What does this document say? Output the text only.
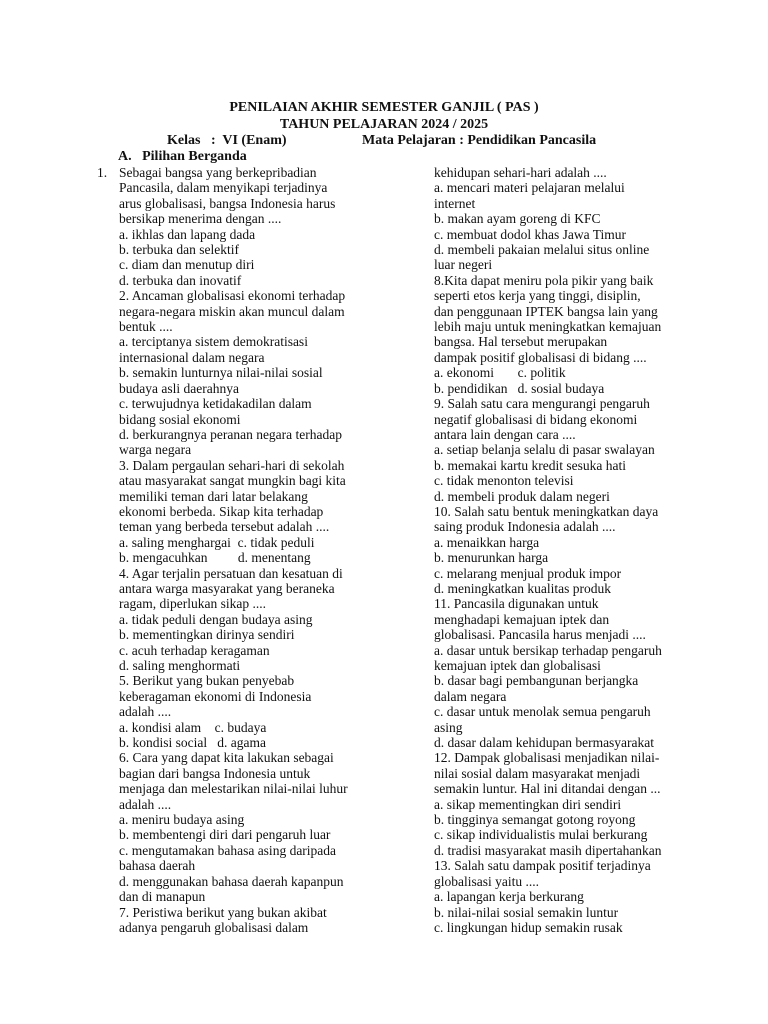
PENILAIAN AKHIR SEMESTER GANJIL ( PAS )
TAHUN PELAJARAN 2024 / 2025
Kelas   :  VI (Enam)	Mata Pelajaran : Pendidikan Pancasila
A.   Pilihan Berganda
1. Sebagai bangsa yang berkepribadian

Pancasila, dalam menyikapi terjadinya

arus globalisasi, bangsa Indonesia harus

bersikap menerima dengan ....

a. ikhlas dan lapang dada

b. terbuka dan selektif

c. diam dan menutup diri

d. terbuka dan inovatif

2. Ancaman globalisasi ekonomi terhadap

negara-negara miskin akan muncul dalam

bentuk ....

a. terciptanya sistem demokratisasi

internasional dalam negara

b. semakin lunturnya nilai-nilai sosial

budaya asli daerahnya

c. terwujudnya ketidakadilan dalam

bidang sosial ekonomi

d. berkurangnya peranan negara terhadap

warga negara

3. Dalam pergaulan sehari-hari di sekolah

atau masyarakat sangat mungkin bagi kita

memiliki teman dari latar belakang

ekonomi berbeda. Sikap kita terhadap

teman yang berbeda tersebut adalah ....

a. saling menghargai  c. tidak peduli

b. mengacuhkan         d. menentang

4. Agar terjalin persatuan dan kesatuan di

antara warga masyarakat yang beraneka

ragam, diperlukan sikap ....

a. tidak peduli dengan budaya asing

b. mementingkan dirinya sendiri

c. acuh terhadap keragaman

d. saling menghormati

5. Berikut yang bukan penyebab

keberagaman ekonomi di Indonesia

adalah ....

a. kondisi alam    c. budaya

b. kondisi social   d. agama

6. Cara yang dapat kita lakukan sebagai

bagian dari bangsa Indonesia untuk

menjaga dan melestarikan nilai-nilai luhur

adalah ....

a. meniru budaya asing

b. membentengi diri dari pengaruh luar

c. mengutamakan bahasa asing daripada

bahasa daerah

d. menggunakan bahasa daerah kapanpun

dan di manapun

7. Peristiwa berikut yang bukan akibat

adanya pengaruh globalisasi dalam

kehidupan sehari-hari adalah ....

a. mencari materi pelajaran melalui

internet

b. makan ayam goreng di KFC

c. membuat dodol khas Jawa Timur

d. membeli pakaian melalui situs online

luar negeri

8.Kita dapat meniru pola pikir yang baik

seperti etos kerja yang tinggi, disiplin,

dan penggunaan IPTEK bangsa lain yang

lebih maju untuk meningkatkan kemajuan

bangsa. Hal tersebut merupakan

dampak positif globalisasi di bidang ....

a. ekonomi       c. politik

b. pendidikan   d. sosial budaya

9. Salah satu cara mengurangi pengaruh

negatif globalisasi di bidang ekonomi

antara lain dengan cara ....

a. setiap belanja selalu di pasar swalayan

b. memakai kartu kredit sesuka hati

c. tidak menonton televisi

d. membeli produk dalam negeri

10. Salah satu bentuk meningkatkan daya

saing produk Indonesia adalah ....

a. menaikkan harga

b. menurunkan harga

c. melarang menjual produk impor

d. meningkatkan kualitas produk

11. Pancasila digunakan untuk

menghadapi kemajuan iptek dan

globalisasi. Pancasila harus menjadi ....

a. dasar untuk bersikap terhadap pengaruh

kemajuan iptek dan globalisasi

b. dasar bagi pembangunan berjangka

dalam negara

c. dasar untuk menolak semua pengaruh

asing

d. dasar dalam kehidupan bermasyarakat

12. Dampak globalisasi menjadikan nilai-

nilai sosial dalam masyarakat menjadi

semakin luntur. Hal ini ditandai dengan ...

a. sikap mementingkan diri sendiri

b. tingginya semangat gotong royong

c. sikap individualistis mulai berkurang

d. tradisi masyarakat masih dipertahankan

13. Salah satu dampak positif terjadinya

globalisasi yaitu ....

a. lapangan kerja berkurang

b. nilai-nilai sosial semakin luntur

c. lingkungan hidup semakin rusak
